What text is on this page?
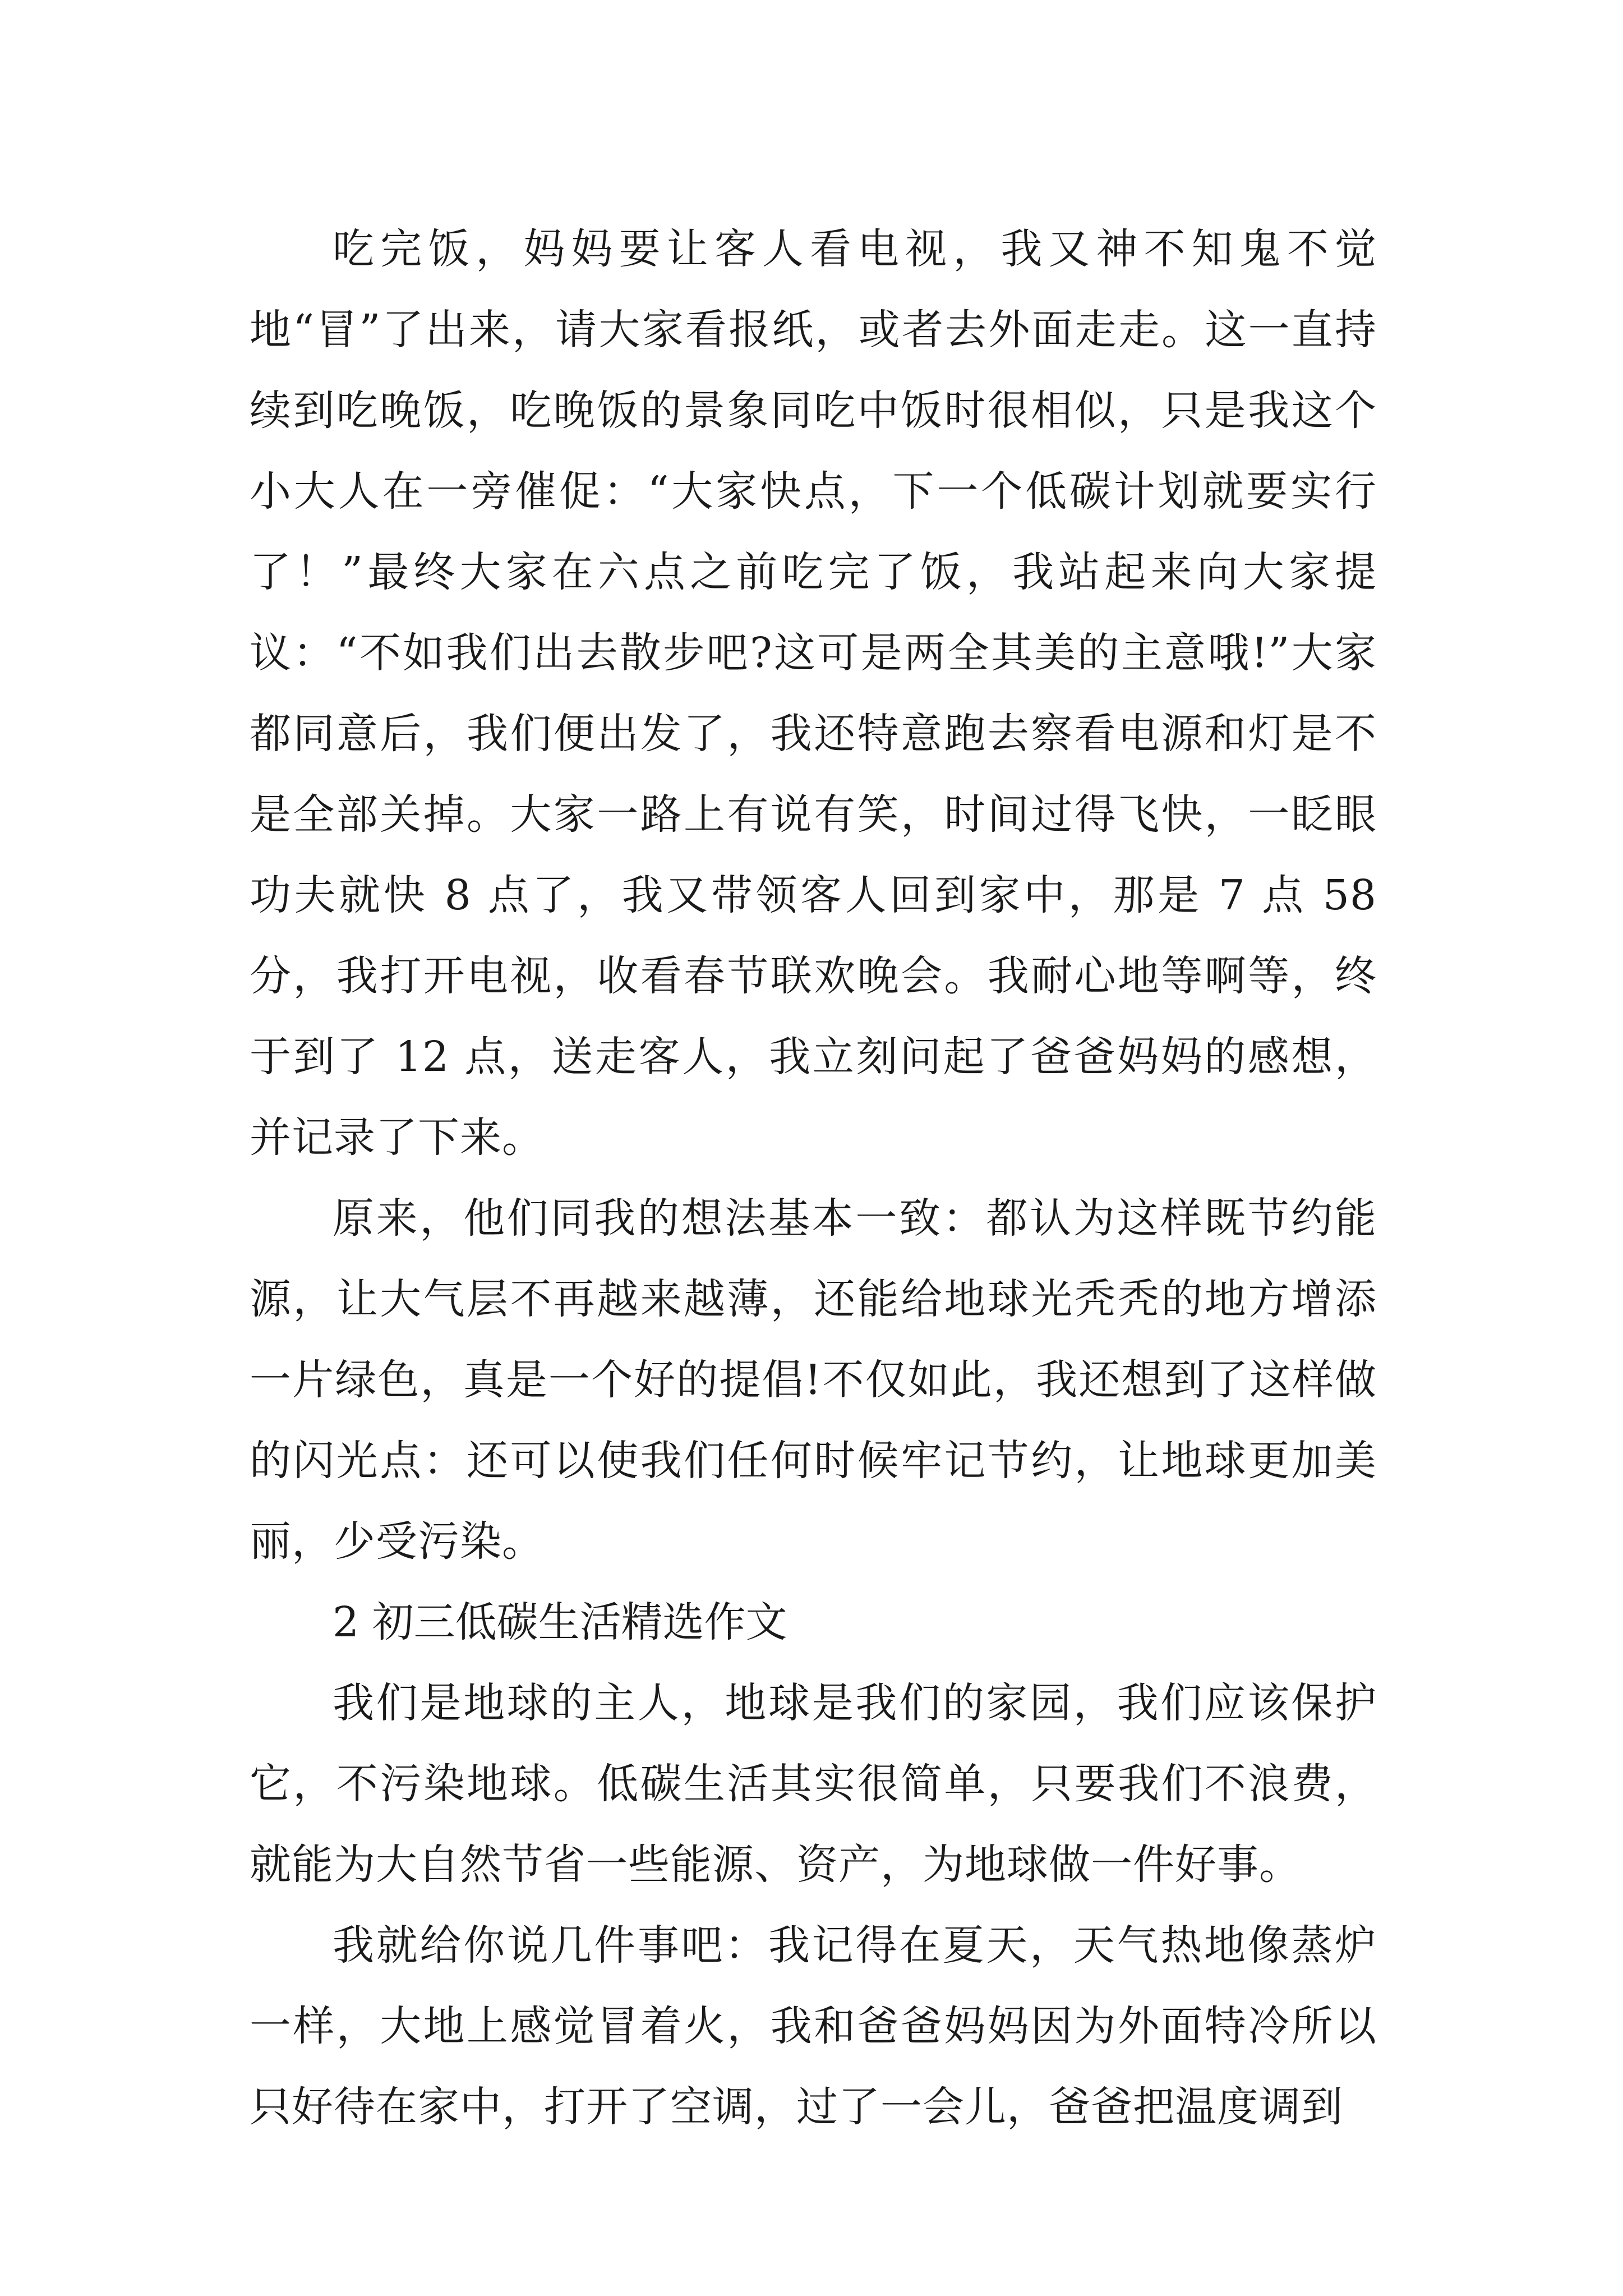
吃完饭，妈妈要让客人看电视，我又神不知鬼不觉地“冒”了出来，请大家看报纸，或者去外面走走。这一直持续到吃晚饭，吃晚饭的景象同吃中饭时很相似，只是我这个小大人在一旁催促：“大家快点，下一个低碳计划就要实行了！”最终大家在六点之前吃完了饭，我站起来向大家提议：“不如我们出去散步吧?这可是两全其美的主意哦!”大家都同意后，我们便出发了，我还特意跑去察看电源和灯是不是全部关掉。大家一路上有说有笑，时间过得飞快，一眨眼功夫就快 8 点了，我又带领客人回到家中，那是 7 点 58 分，我打开电视，收看春节联欢晚会。我耐心地等啊等，终于到了 12 点，送走客人，我立刻问起了爸爸妈妈的感想，并记录了下来。

原来，他们同我的想法基本一致：都认为这样既节约能源，让大气层不再越来越薄，还能给地球光秃秃的地方增添一片绿色，真是一个好的提倡!不仅如此，我还想到了这样做的闪光点：还可以使我们任何时候牢记节约，让地球更加美丽，少受污染。

2 初三低碳生活精选作文

我们是地球的主人，地球是我们的家园，我们应该保护它，不污染地球。低碳生活其实很简单，只要我们不浪费，就能为大自然节省一些能源、资产，为地球做一件好事。

我就给你说几件事吧：我记得在夏天，天气热地像蒸炉一样，大地上感觉冒着火，我和爸爸妈妈因为外面特冷所以只好待在家中，打开了空调，过了一会儿，爸爸把温度调到
